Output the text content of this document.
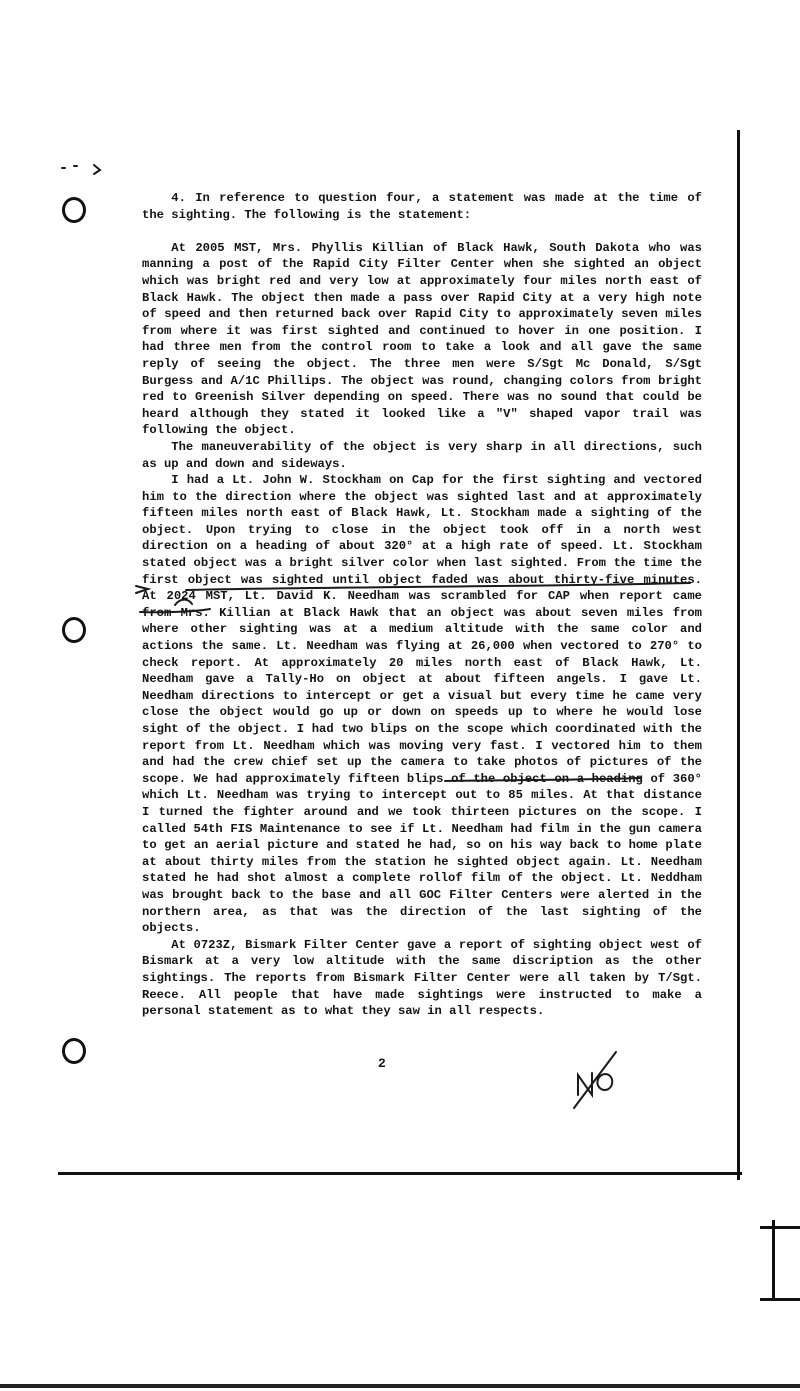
4. In reference to question four, a statement was made at the time of the sighting. The following is the statement:

At 2005 MST, Mrs. Phyllis Killian of Black Hawk, South Dakota who was manning a post of the Rapid City Filter Center when she sighted an object which was bright red and very low at approximately four miles north east of Black Hawk. The object then made a pass over Rapid City at a very high note of speed and then returned back over Rapid City to approximately seven miles from where it was first sighted and continued to hover in one position. I had three men from the control room to take a look and all gave the same reply of seeing the object. The three men were S/Sgt Mc Donald, S/Sgt Burgess and A/1C Phillips. The object was round, changing colors from bright red to Greenish Silver depending on speed. There was no sound that could be heard although they stated it looked like a "V" shaped vapor trail was following the object.

The maneuverability of the object is very sharp in all directions, such as up and down and sideways.

I had a Lt. John W. Stockham on Cap for the first sighting and vectored him to the direction where the object was sighted last and at approximately fifteen miles north east of Black Hawk, Lt. Stockham made a sighting of the object. Upon trying to close in the object took off in a north west direction on a heading of about 320° at a high rate of speed. Lt. Stockham stated object was a bright silver color when last sighted. From the time the first object was sighted until object faded was about thirty-five minutes. At 2024 MST, Lt. David K. Needham was scrambled for CAP when report came from Mrs. Killian at Black Hawk that an object was about seven miles from where other sighting was at a medium altitude with the same color and actions the same. Lt. Needham was flying at 26,000 when vectored to 270° to check report. At approximately 20 miles north east of Black Hawk, Lt. Needham gave a Tally-Ho on object at about fifteen angels. I gave Lt. Needham directions to intercept or get a visual but every time he came very close the object would go up or down on speeds up to where he would lose sight of the object. I had two blips on the scope which coordinated with the report from Lt. Needham which was moving very fast. I vectored him to them and had the crew chief set up the camera to take photos of pictures of the scope. We had approximately fifteen blips of the object on a heading of 360° which Lt. Needham was trying to intercept out to 85 miles. At that distance I turned the fighter around and we took thirteen pictures on the scope. I called 54th FIS Maintenance to see if Lt. Needham had film in the gun camera to get an aerial picture and stated he had, so on his way back to home plate at about thirty miles from the station he sighted object again. Lt. Needham stated he had shot almost a complete rollof film of the object. Lt. Neddham was brought back to the base and all GOC Filter Centers were alerted in the northern area, as that was the direction of the last sighting of the objects.

At 0723Z, Bismark Filter Center gave a report of sighting object west of Bismark at a very low altitude with the same discription as the other sightings. The reports from Bismark Filter Center were all taken by T/Sgt. Reece. All people that have made sightings were instructed to make a personal statement as to what they saw in all respects.

2
